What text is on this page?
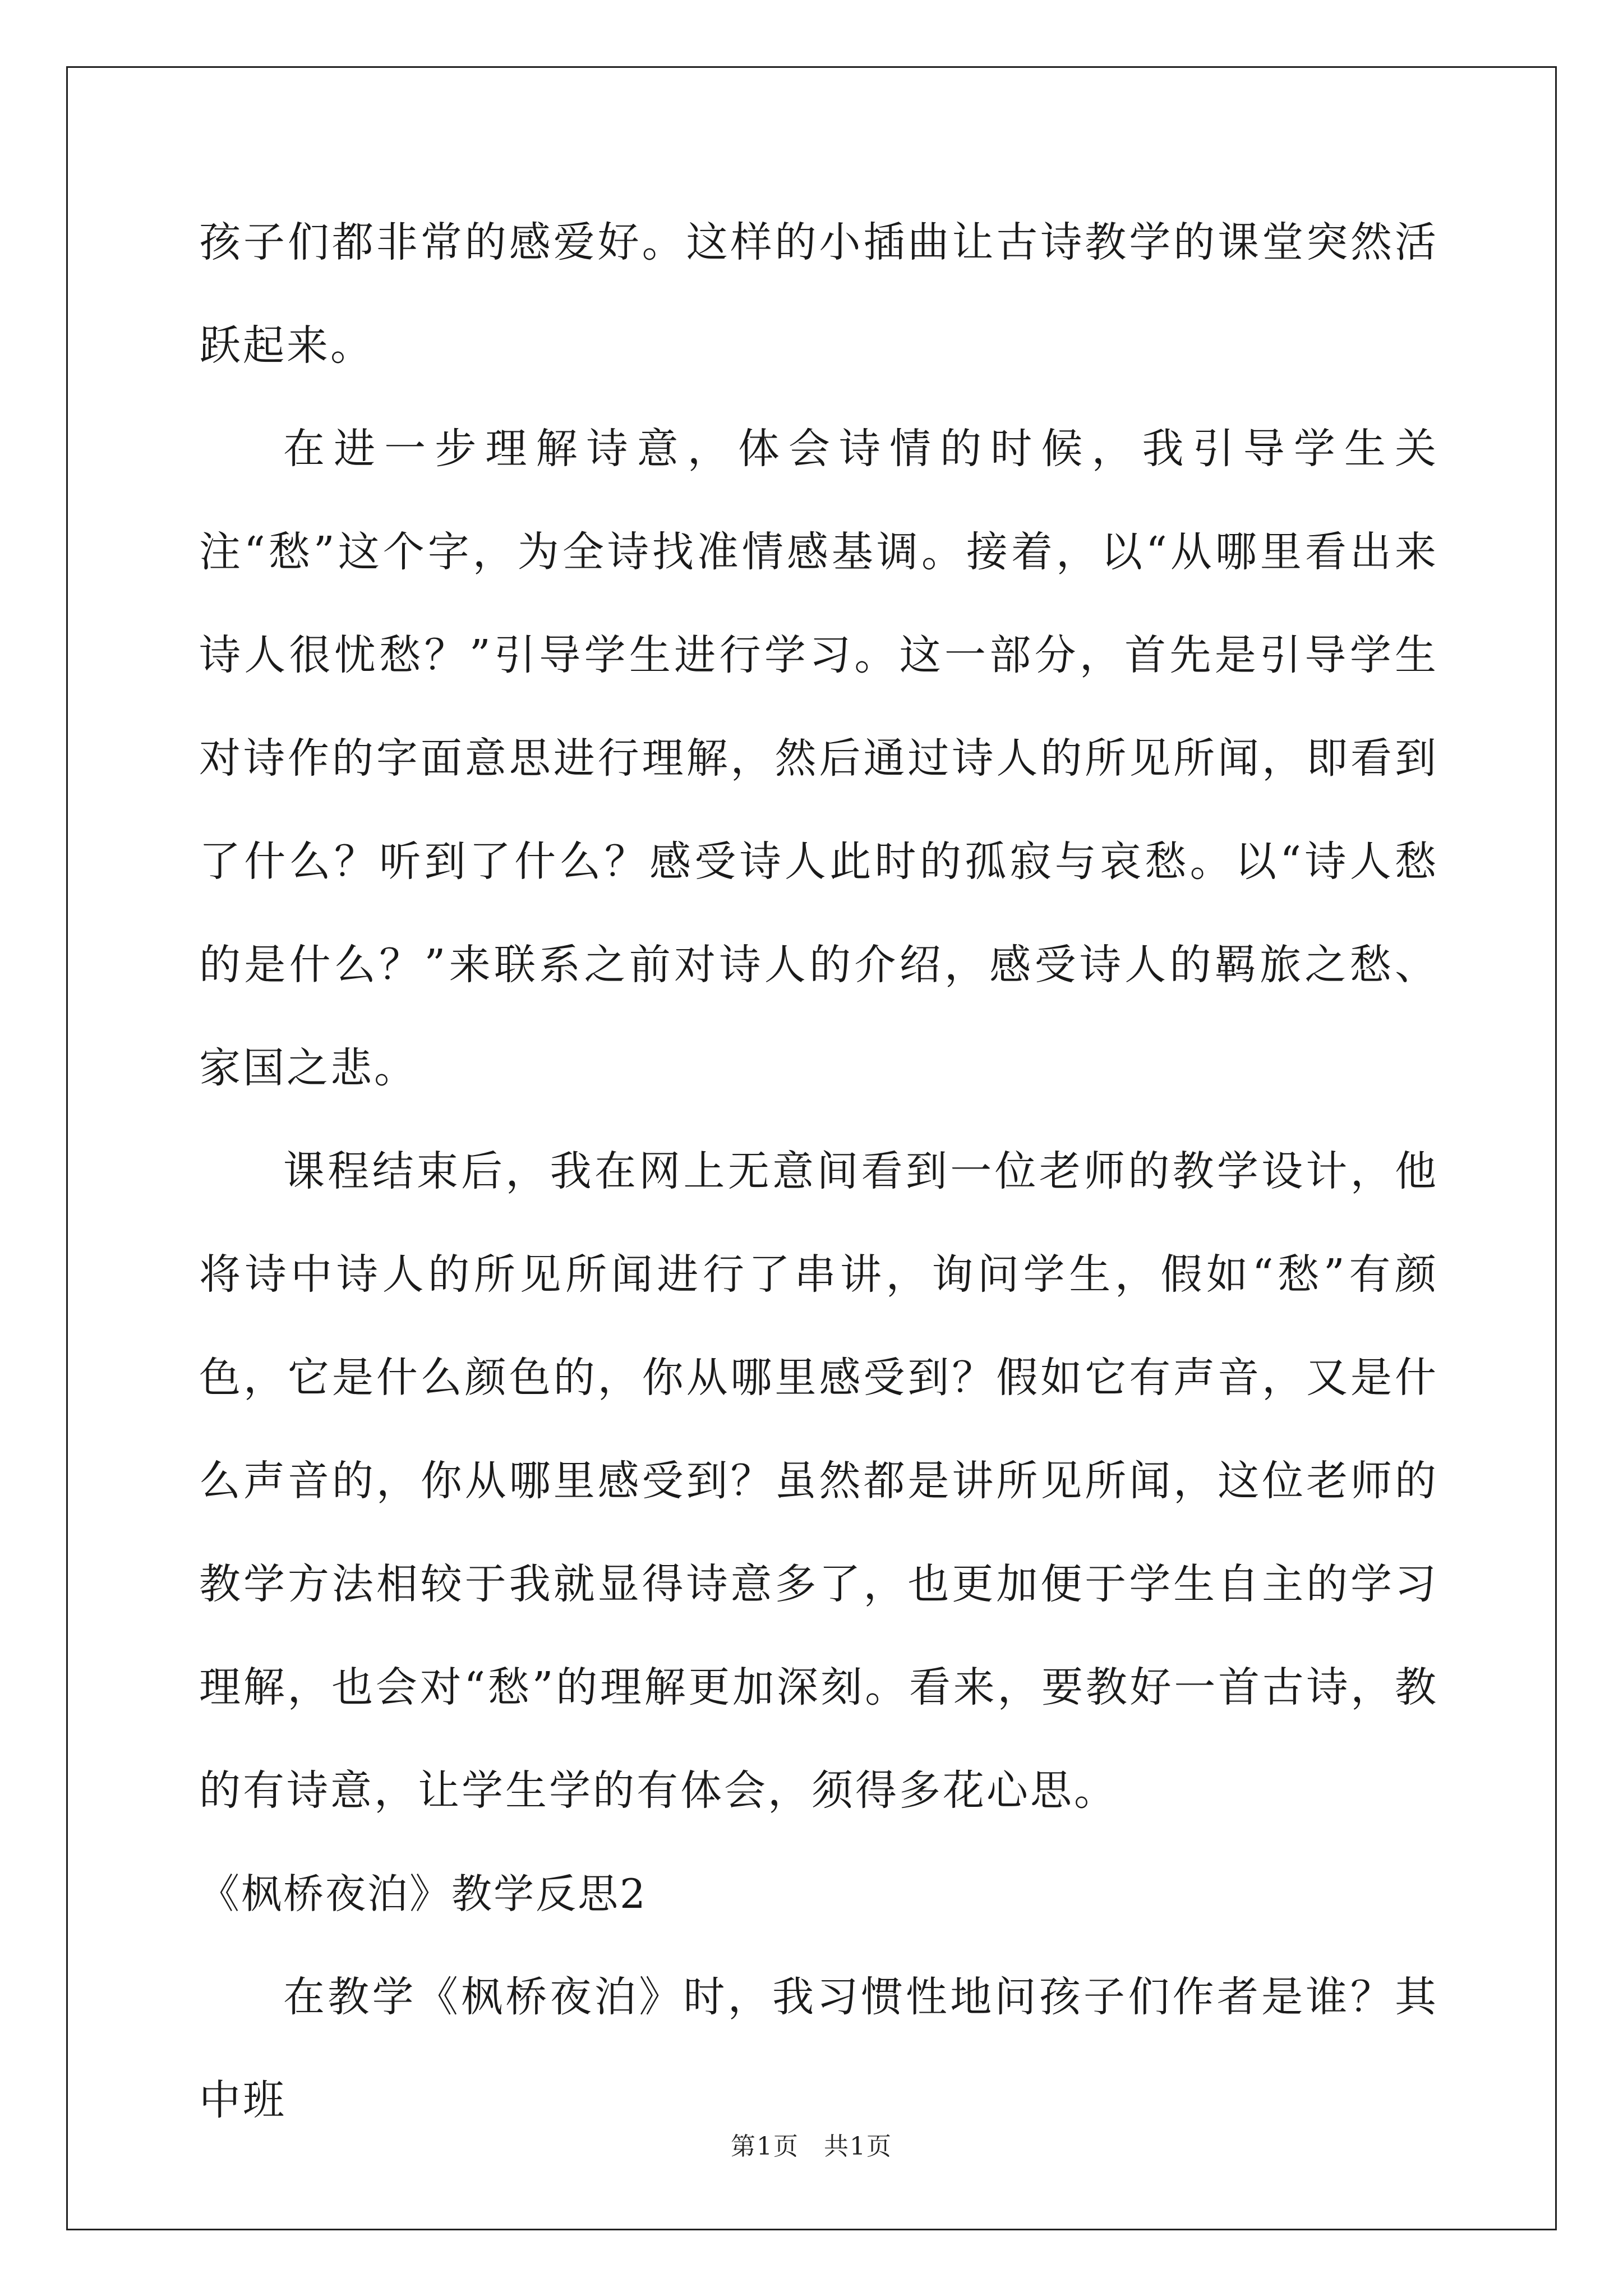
孩子们都非常的感爱好。这样的小插曲让古诗教学的课堂突然活跃起来。

在进一步理解诗意，体会诗情的时候，我引导学生关注“愁”这个字，为全诗找准情感基调。接着，以“从哪里看出来诗人很忧愁？”引导学生进行学习。这一部分，首先是引导学生对诗作的字面意思进行理解，然后通过诗人的所见所闻，即看到了什么？听到了什么？感受诗人此时的孤寂与哀愁。以“诗人愁的是什么？”来联系之前对诗人的介绍，感受诗人的羁旅之愁、家国之悲。

课程结束后，我在网上无意间看到一位老师的教学设计，他将诗中诗人的所见所闻进行了串讲，询问学生，假如“愁”有颜色，它是什么颜色的，你从哪里感受到？假如它有声音，又是什么声音的，你从哪里感受到？虽然都是讲所见所闻，这位老师的教学方法相较于我就显得诗意多了，也更加便于学生自主的学习理解，也会对“愁”的理解更加深刻。看来，要教好一首古诗，教的有诗意，让学生学的有体会，须得多花心思。

《枫桥夜泊》教学反思2

在教学《枫桥夜泊》时，我习惯性地问孩子们作者是谁？其中班

第1页 共1页
